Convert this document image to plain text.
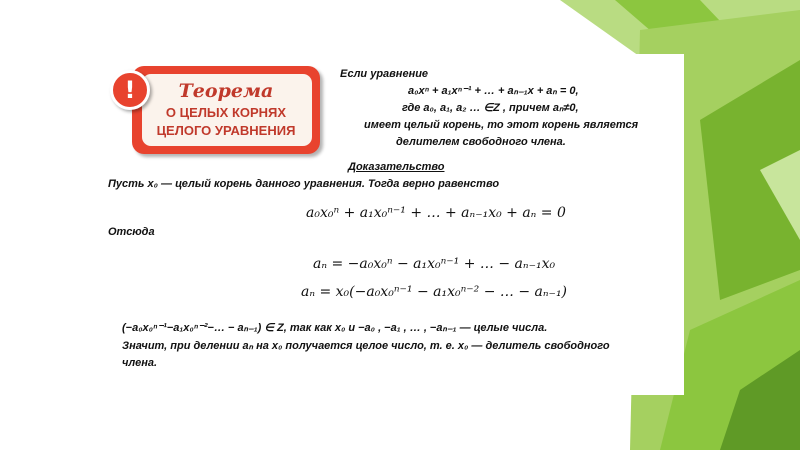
!	Теорема
О ЦЕЛЫХ КОРНЯХ
ЦЕЛОГО УРАВНЕНИЯ
Если уравнение
a₀xⁿ + a₁xⁿ⁻¹ + … + aₙ₋₁x + aₙ = 0,
где a₀, a₁, a₂ … ∈Z , причем aₙ≠0,
имеет целый корень, то этот корень является
делителем свободного члена.
Доказательство
Пусть x₀ — целый корень данного уравнения. Тогда верно равенство
a₀x₀ⁿ + a₁x₀ⁿ⁻¹ + … + aₙ₋₁x₀ + aₙ = 0
Отсюда
aₙ = −a₀x₀ⁿ − a₁x₀ⁿ⁻¹ + … − aₙ₋₁x₀
aₙ = x₀(−a₀x₀ⁿ⁻¹ − a₁x₀ⁿ⁻² − … − aₙ₋₁)
(−a₀x₀ⁿ⁻¹−a₁x₀ⁿ⁻²−… − aₙ₋₁) ∈ Z, так как x₀ и −a₀ , −a₁ , … , −aₙ₋₁ — целые числа.
Значит, при делении aₙ на x₀ получается целое число, т. е. x₀ — делитель свободного
члена.
